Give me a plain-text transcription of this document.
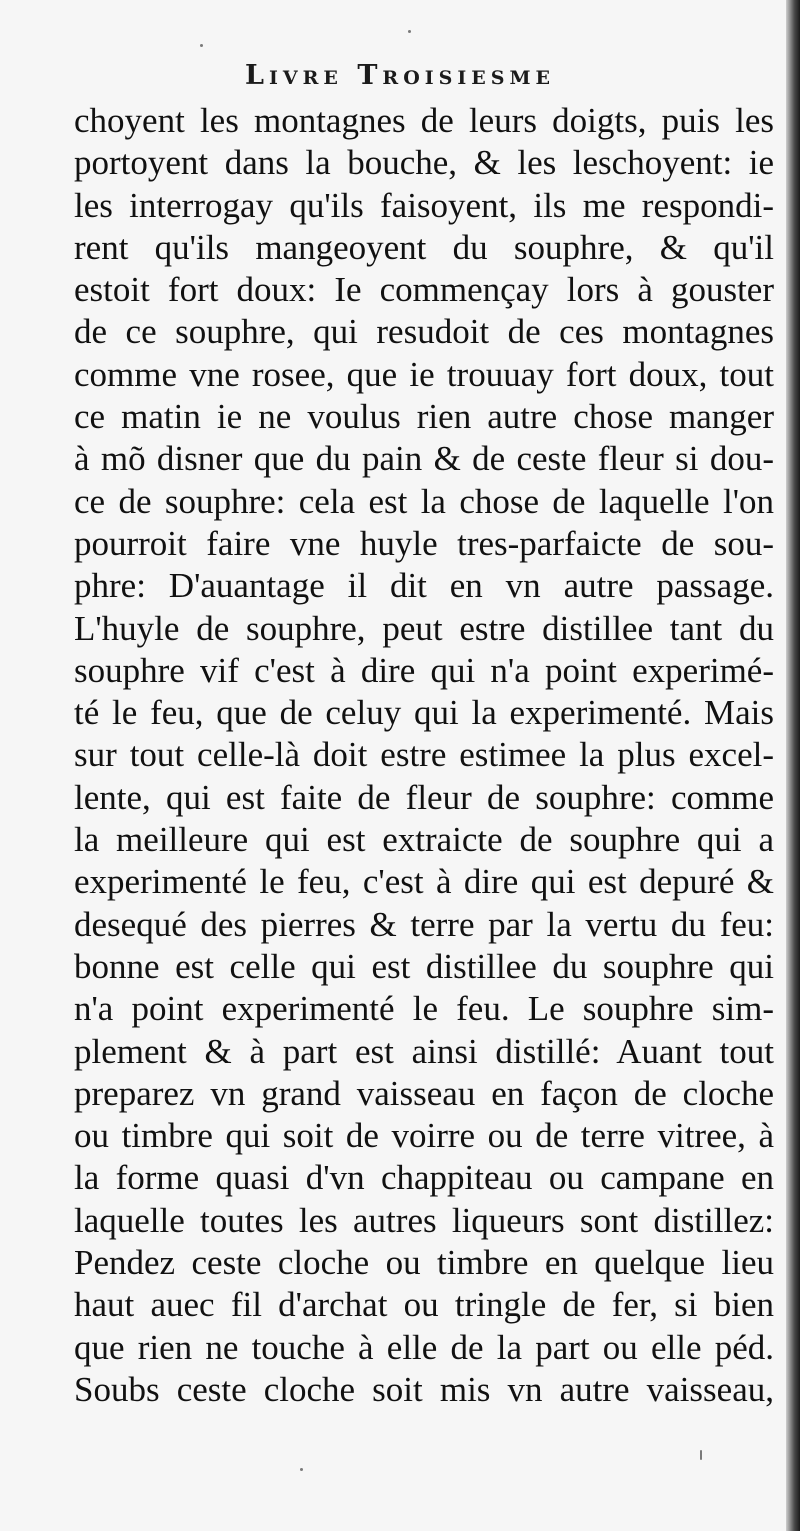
Livre Troisiesme
choyent les montagnes de leurs doigts, puis les
portoyent dans la bouche, & les leschoyent: ie
les interrogay qu'ils faisoyent, ils me respondi-
rent qu'ils mangeoyent du souphre, & qu'il
estoit fort doux: Ie commençay lors à gouster
de ce souphre, qui resudoit de ces montagnes
comme vne rosee, que ie trouuay fort doux, tout
ce matin ie ne voulus rien autre chose manger
à mõ disner que du pain & de ceste fleur si dou-
ce de souphre: cela est la chose de laquelle l'on
pourroit faire vne huyle tres-parfaicte de sou-
phre: D'auantage il dit en vn autre passage.
L'huyle de souphre, peut estre distillee tant du
souphre vif c'est à dire qui n'a point experimé-
té le feu, que de celuy qui la experimenté. Mais
sur tout celle-là doit estre estimee la plus excel-
lente, qui est faite de fleur de souphre: comme
la meilleure qui est extraicte de souphre qui a
experimenté le feu, c'est à dire qui est depuré &
desequé des pierres & terre par la vertu du feu:
bonne est celle qui est distillee du souphre qui
n'a point experimenté le feu. Le souphre sim-
plement & à part est ainsi distillé: Auant tout
preparez vn grand vaisseau en façon de cloche
ou timbre qui soit de voirre ou de terre vitree, à
la forme quasi d'vn chappiteau ou campane en
laquelle toutes les autres liqueurs sont distillez:
Pendez ceste cloche ou timbre en quelque lieu
haut auec fil d'archat ou tringle de fer, si bien
que rien ne touche à elle de la part ou elle péd.
Soubs ceste cloche soit mis vn autre vaisseau,
